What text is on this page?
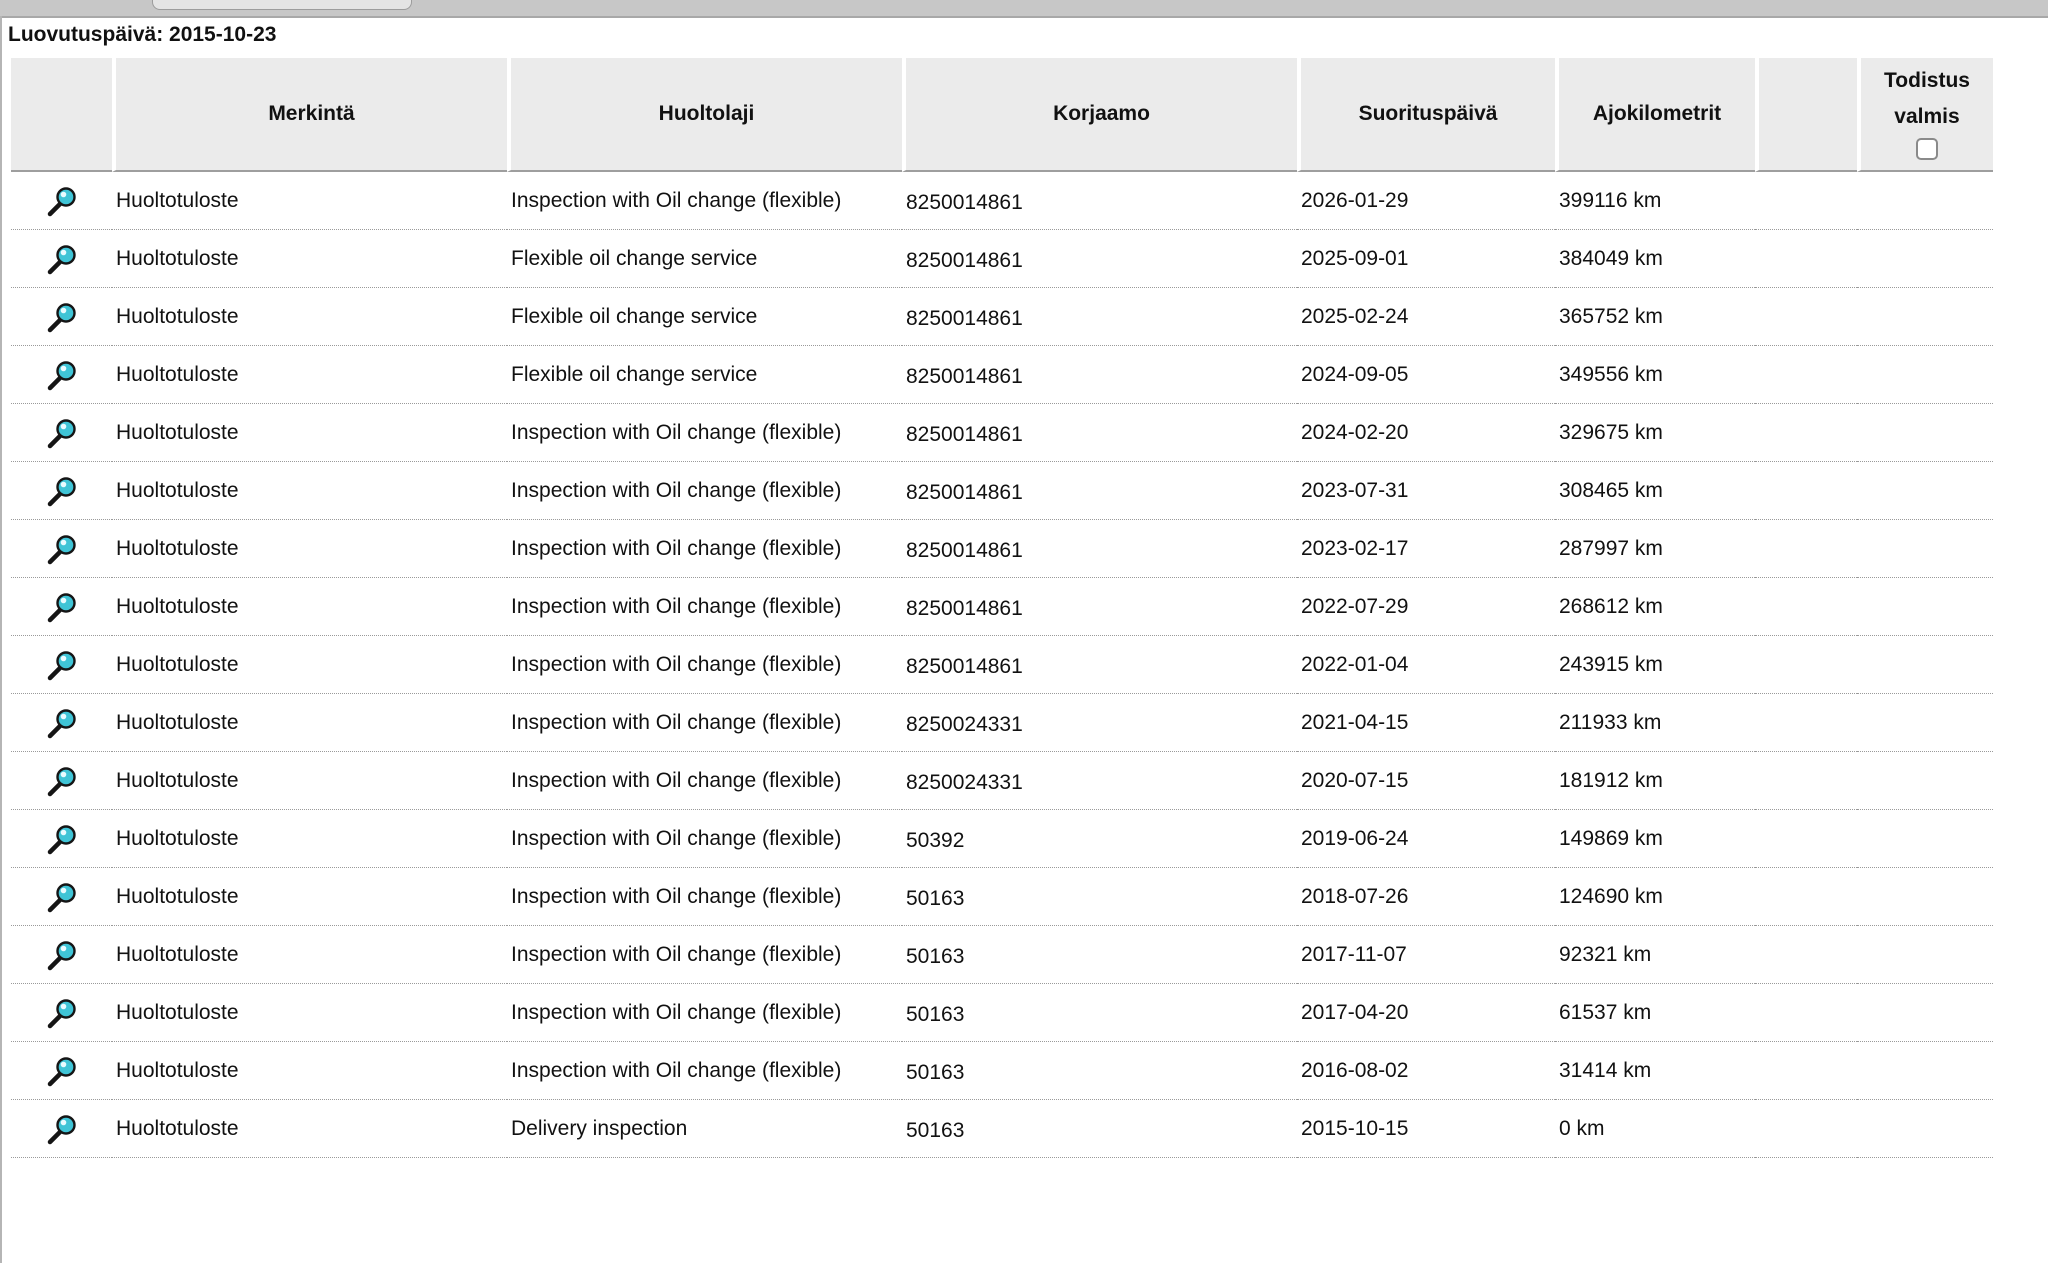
Luovutuspäivä: 2015-10-23
	Merkintä	Huoltolaji	Korjaamo	Suorituspäivä	Ajokilometrit		Todistus
valmis

	Huoltotuloste	Inspection with Oil change (flexible)	8250014861	2026-01-29	399116 km		
	Huoltotuloste	Flexible oil change service	8250014861	2025-09-01	384049 km		
	Huoltotuloste	Flexible oil change service	8250014861	2025-02-24	365752 km		
	Huoltotuloste	Flexible oil change service	8250014861	2024-09-05	349556 km		
	Huoltotuloste	Inspection with Oil change (flexible)	8250014861	2024-02-20	329675 km		
	Huoltotuloste	Inspection with Oil change (flexible)	8250014861	2023-07-31	308465 km		
	Huoltotuloste	Inspection with Oil change (flexible)	8250014861	2023-02-17	287997 km		
	Huoltotuloste	Inspection with Oil change (flexible)	8250014861	2022-07-29	268612 km		
	Huoltotuloste	Inspection with Oil change (flexible)	8250014861	2022-01-04	243915 km		
	Huoltotuloste	Inspection with Oil change (flexible)	8250024331	2021-04-15	211933 km		
	Huoltotuloste	Inspection with Oil change (flexible)	8250024331	2020-07-15	181912 km		
	Huoltotuloste	Inspection with Oil change (flexible)	50392	2019-06-24	149869 km		
	Huoltotuloste	Inspection with Oil change (flexible)	50163	2018-07-26	124690 km		
	Huoltotuloste	Inspection with Oil change (flexible)	50163	2017-11-07	92321 km		
	Huoltotuloste	Inspection with Oil change (flexible)	50163	2017-04-20	61537 km		
	Huoltotuloste	Inspection with Oil change (flexible)	50163	2016-08-02	31414 km		
	Huoltotuloste	Delivery inspection	50163	2015-10-15	0 km		
